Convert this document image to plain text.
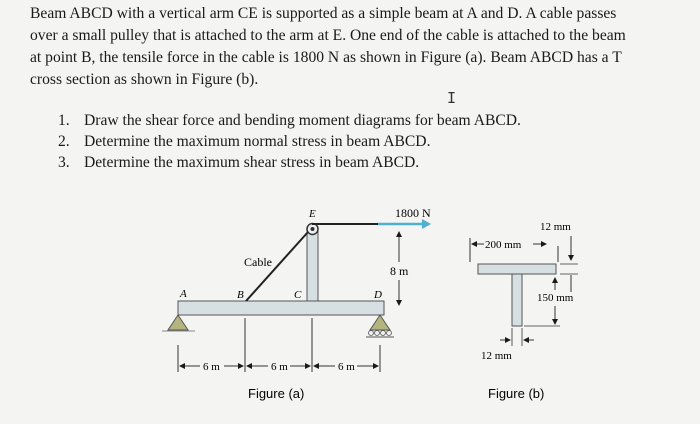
Beam ABCD with a vertical arm CE is supported as a simple beam at A and D. A cable passes

over a small pulley that is attached to the arm at E. One end of the cable is attached to the beam

at point B, the tensile force in the cable is 1800 N as shown in Figure (a). Beam ABCD has a T

cross section as shown in Figure (b).

I
1. Draw the shear force and bending moment diagrams for beam ABCD.
2. Determine the maximum normal stress in beam ABCD.
3. Determine the maximum shear stress in beam ABCD.
A	B	C	D
E
Cable
1800 N
8 m
6 m	6 m	6 m
Figure (a)
200 mm
12 mm
150 mm
12 mm
Figure (b)
